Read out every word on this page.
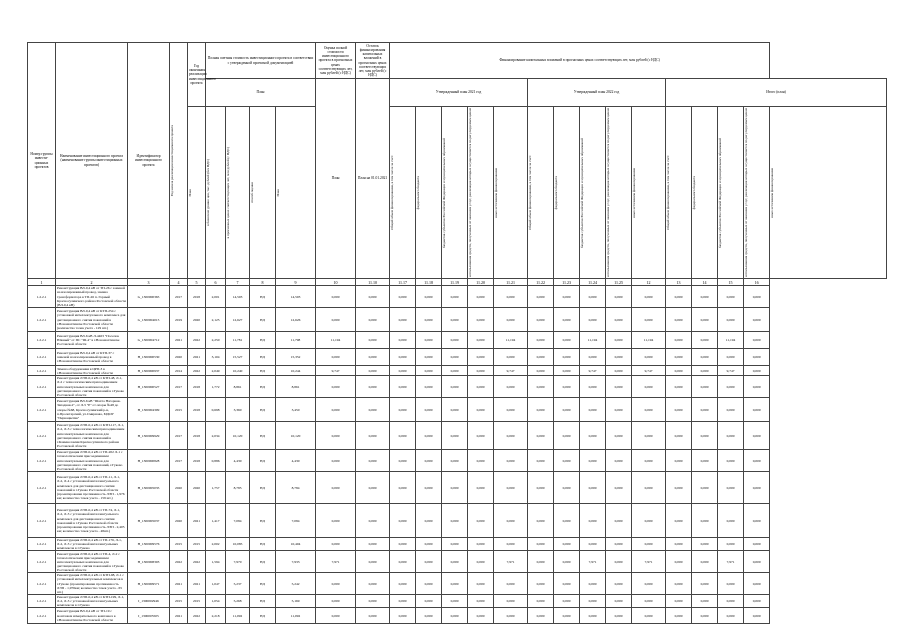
Номер группы инвести-ционных проектов	Наименование инвестиционного проекта (наименование группы инвестиционных проектов)	Идентификатор инвестиционного проекта	Год начала реализации инвестиционного проекта	Год окончания реализации инвестиционного проекта	Полная сметная стоимость инвестиционного проекта в соответствии с утвержденной проектной документацией				Оценка полной стоимости инвестиционного проекта в прогнозных ценах соответствующих лет, млн рублей (с НДС)	Остаток финансирования капитальных вложений в прогнозных ценах соответствующих лет, млн рублей (с НДС)	Финансирование капитальных вложений в прогнозных ценах соответствующих лет, млн рублей (с НДС)														
					План				План	План на 01.01.2021	Утвержденный план 2021 год					Утвержденный план 2022 год					Итого (план)				

				План	в базисном уровне цен, тыс. рублей (без НДС)	в прогнозных ценах соответствующих лет, млн рублей (с НДС)	способ оценки	План			Общий объем финансирования, в том числе за счет:	федерального бюджета	бюджетов субъектов Российской Федерации и муниципальных образований	использования средств, полученных от оказания услуг, реализация которых осуществляется по регулируемым ценам	иных источников финансирования	Общий объем финансирования, в том числе за счет:	федерального бюджета	бюджетов субъектов Российской Федерации и муниципальных образований	использования средств, полученных от оказания услуг, реализация которых осуществляется по регулируемым ценам	иных источников финансирования	Общий объем финансирования, в том числе за счет:	федерального бюджета	бюджетов субъектов Российской Федерации и муниципальных образований	использования средств, полученных от оказания услуг, реализация которых осуществляется по регулируемым ценам	иных источников финансирования

1	2	3	4	5	6	7	8	9	10	11.10	11.17	11.18	11.19	11.20	11.21	11.22	11.23	11.24	11.25	12	13	14	15	16	
1.2.2.1	Реконструкция ВЛ-0,4 кВ от ТП-26 с заменой на изолированный провод, замена трансформатора в ТП-26 п. Горный Красносулинского района Ростовской области (ВЛ-0,4 кВ)	G_1300000365	2017	2018	2,001	14,503	НД	14,503	0,000	0,000	0,000	0,000	0,000	0,000	0,000	0,000	0,000	0,000	0,000	0,000	0,000	0,000	0,000	0,000	
1.2.2.1	Реконструкция ВЛ-0,4 кВ от КТП-254 с установкой интеллектуального комплекса для дистанционного снятия показаний в г.Новошахтинске Ростовской области (количество точек учета - 129 шт.)	G_1300004015	2019	2020	2,125	12,627	НД	12,626	0,000	0,000	0,000	0,000	0,000	0,000	0,000	0,000	0,000	0,000	0,000	0,000	0,000	0,000	0,000	0,000	
1.2.2.1	Реконструкция ВЛ-6 кВ Л-4463 "Поселок Южный" от ПС "Ш-4" в г.Новошахтинске Ростовской области	G_1300004712	2021	2022	2,250	11,781	НД	11,798	11,194	0,000	0,000	0,000	0,000	0,000	11,194	0,000	0,000	11,194	0,000	11,194	0,000	0,000	11,194	0,000	
1.2.2.1	Реконструкция ВЛ-0,4 кВ от КТП-37 с заменой на изолированный провод в г.Новошахтинске Ростовской области	H_1300000530	2020	2021	3,104	15,527	НД	15,352	0,000	0,000	0,000	0,000	0,000	0,000	0,000	0,000	0,000	0,000	0,000	0,000	0,000	0,000	0,000	0,000	
1.2.2.1	Замена оборудования в ЦРП-3 в г.Новошахтинске Ростовской области	H_1300000937	2014	2022	2,049	10,240	НД	10,244	9,747	0,000	0,000	0,000	0,000	0,000	9,747	0,000	0,000	9,747	0,000	9,747	0,000	0,000	9,747	0,000	
1.2.2.1	Реконструкция ЛЭП-0,4 кВ от КТП-48, Л-1, Л-2 с технологическим присоединением интеллектуальных комплексов для дистанционного снятия показаний в г.Гуково Ростовской области	H_1300000527	2017	2018	1,772	8,861	НД	8,861	0,000	0,000	0,000	0,000	0,000	0,000	0,000	0,000	0,000	0,000	0,000	0,000	0,000	0,000	0,000	0,000	
1.2.2.1	Реконструкция ВЛ-6 кВ "Шахта Нагорная-Западная-2", от Л-5 "Р" от опоры №48 до опоры №68, Красносулинский р-н, п.Пролетарский, ул.Смирнова, МДОУ "Первоцветик"	H_1300004309	2015	2018	0,698	3,360	НД	3,450	0,000	0,000	0,000	0,000	0,000	0,000	0,000	0,000	0,000	0,000	0,000	0,000	0,000	0,000	0,000	0,000	
1.2.2.1	Реконструкция ЛЭП-0,4 кВ от КТП-117, Л-1, Л-2, Л-3 с технологическим присоединением интеллектуальных комплексов для дистанционного снятия показаний в г.Каменоломни Красносулинского района Ростовской области	H_1300009929	2017	2018	2,034	10,120	НД	10,120	0,000	0,000	0,000	0,000	0,000	0,000	0,000	0,000	0,000	0,000	0,000	0,000	0,000	0,000	0,000	0,000	
1.2.2.1	Реконструкция ЛЭП-0,4 кВ от ТП-202 Л-1 с технологическим присоединением интеллектуальных комплексов для дистанционного снятия показаний, г.Гуково Ростовской области	H_1300000828	2017	2018	0,886	4,430	НД	4,430	0,000	0,000	0,000	0,000	0,000	0,000	0,000	0,000	0,000	0,000	0,000	0,000	0,000	0,000	0,000	0,000	
1.2.2.1	Реконструкция ЛЭП-0,4 кВ от ТП-11, Л-1, Л-2, Л-4 с установкой интеллектуального комплекса для дистанционного снятия показаний в г.Гуково Ростовской области (проектирование протяженность ЛЭП - 1,976 км; количество точек учета - 159 шт.)	H_1300005035	2020	2020	1,757	8,785	НД	8,784	0,000	0,000	0,000	0,000	0,000	0,000	0,000	0,000	0,000	0,000	0,000	0,000	0,000	0,000	0,000	0,000	
1.2.2.1	Реконструкция ЛЭП-0,4 кВ от ТП-74, Л-1, Л-2, Л-3 с установкой интеллектуального комплекса для дистанционного снятия показаний в г.Гуково Ростовской области (проектирование протяженность ЛЭП - 2,405 км; количество точек учета - 48шт.)	H_1300005037	2020	2021	1,417	7,084	НД	7,084	0,000	0,000	0,000	0,000	0,000	0,000	0,000	0,000	0,000	0,000	0,000	0,000	0,000	0,000	0,000	0,000	
1.2.2.1	Реконструкция ЛЭП-0,4 кВ от ТП-176, Л-1, Л-2, Л-3 с установкой интеллектуальных комплексов в г.Гуково	H_1300009576	2015	2015	2,002	10,085	НД	10,404	0,000	0,000	0,000	0,000	0,000	0,000	0,000	0,000	0,000	0,000	0,000	0,000	0,000	0,000	0,000	0,000	
1.2.2.1	Реконструкция ЛЭП-0,4 кВ от ТП-4, Л-2 с технологическим присоединением интеллектуальных комплексов для дистанционного снятия показаний в г.Гуково Ростовской области	H_1300008303	2022	2022	1,594	7,970	НД	7,933	7,971	0,000	0,000	0,000	0,000	0,000	7,971	0,000	0,000	7,971	0,000	7,971	0,000	0,000	7,971	0,000	
1.2.2.1	Реконструкция ЛЭП-0,4 кВ от КТП-98, Л-1 с установкой интеллектуальных комплексов в г.Гуково (проектирование протяженность ЛЭП - 1,976км; количество точек учета - 65 шт.)	H_1300009571	2021	2021	1,047	5,237	НД	5,242	0,000	0,000	0,000	0,000	0,000	0,000	0,000	0,000	0,000	0,000	0,000	0,000	0,000	0,000	0,000	0,000	
1.2.2.1	Реконструкция ЛЭП-0,4 кВ от КТП-199, Л-1, Л-2, Л-3 с установкой интеллектуальных комплексов в г.Гуково	I_1300002946	2015	2015	1,054	5,268	НД	5,169	0,000	0,000	0,000	0,000	0,000	0,000	0,000	0,000	0,000	0,000	0,000	0,000	0,000	0,000	0,000	0,000	
1.2.2.1	Реконструкция ВЛ-0,4 кВ от ТП-19 с монтажом измерительного комплекса в г.Новошахтинске Ростовской области	I_1300005505	2021	2022	2,218	11,092	НД	11,092	0,000	0,000	0,000	0,000	0,000	0,000	0,000	0,000	0,000	0,000	0,000	0,000	0,000	0,000	0,000	0,000	
